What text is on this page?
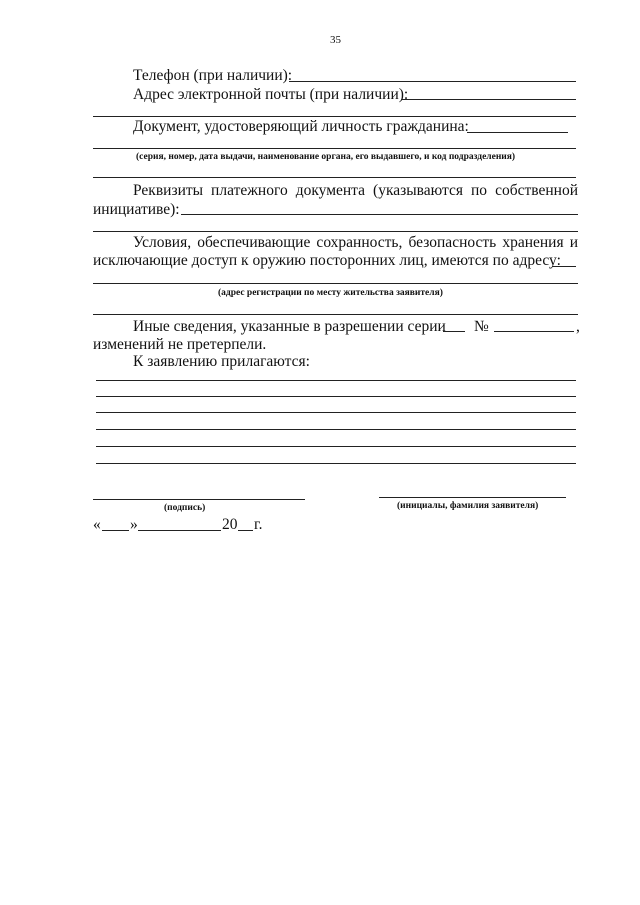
35
Телефон (при наличии):
Адрес электронной почты (при наличии):
Документ, удостоверяющий личность гражданина:
(серия, номер, дата выдачи, наименование органа, его выдавшего, и код подразделения)
Реквизиты платежного документа (указываются по собственной
инициативе):
Условия, обеспечивающие сохранность, безопасность хранения и
исключающие доступ к оружию посторонних лиц, имеются по адресу:
(адрес регистрации по месту жительства заявителя)
Иные сведения, указанные в разрешении серии №	,
изменений не претерпели.
К заявлению прилагаются:
(подпись)	(инициалы, фамилия заявителя)
« »	20 г.
